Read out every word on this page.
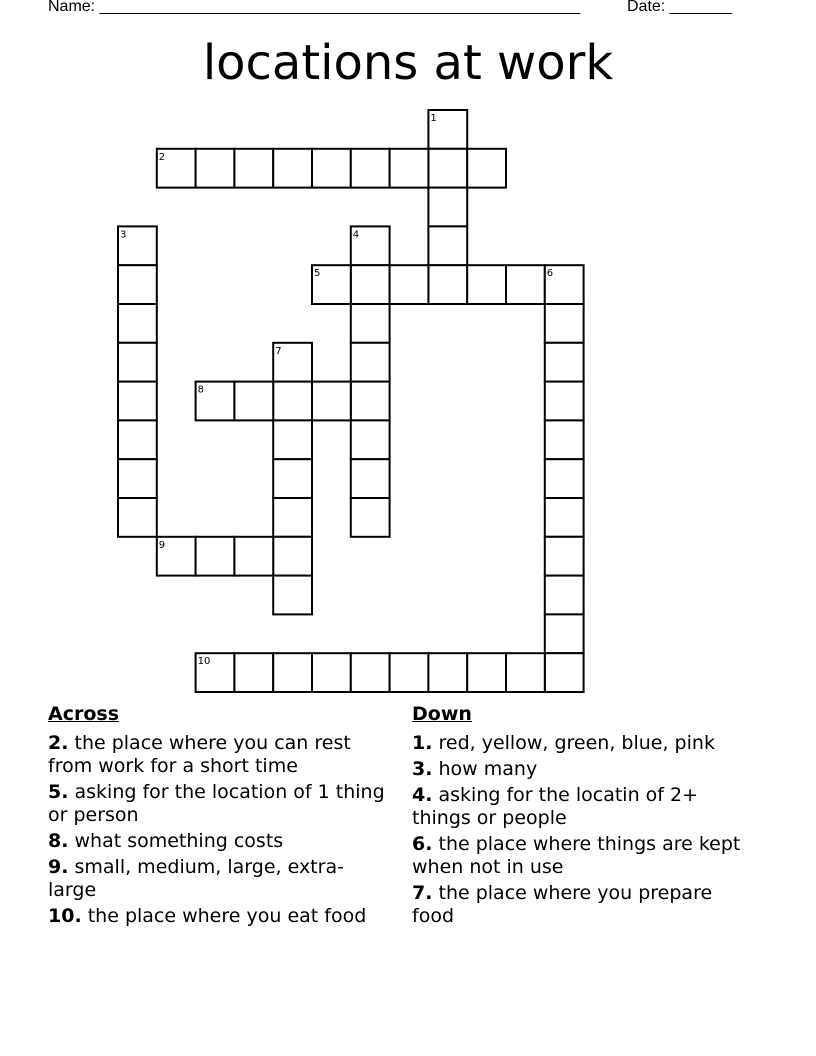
Name: ______________________________________________________	Date: _______
locations at work
1
2
3	4
5	6
7
8
9
10
Across
2. the place where you can rest from work for a short time
5. asking for the location of 1 thing or person
8. what something costs
9. small, medium, large, extra-large
10. the place where you eat food
Down
1. red, yellow, green, blue, pink
3. how many
4. asking for the locatin of 2+ things or people
6. the place where things are kept when not in use
7. the place where you prepare food
